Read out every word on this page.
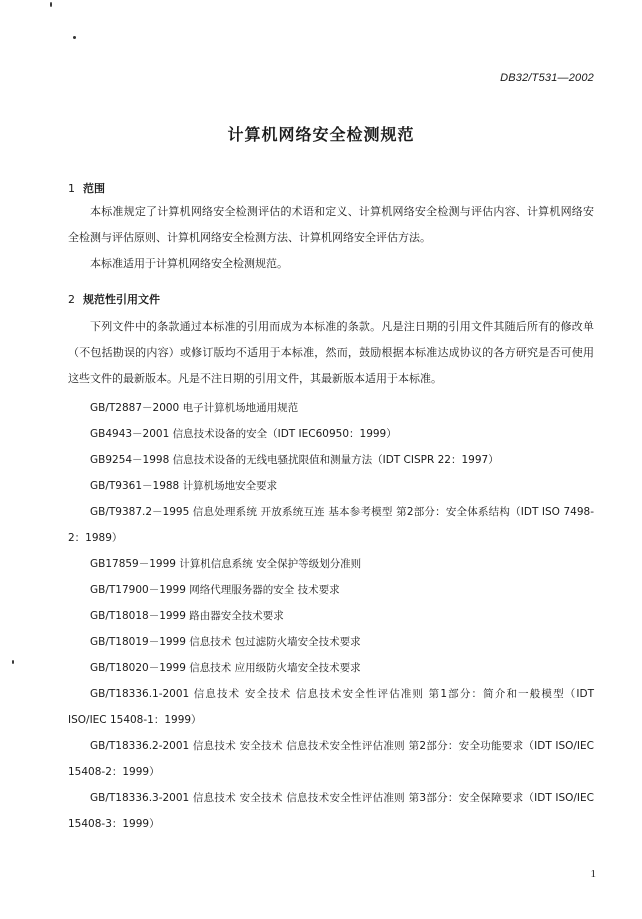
DB32/T531—2002
计算机网络安全检测规范
1 范围
本标准规定了计算机网络安全检测评估的术语和定义、计算机网络安全检测与评估内容、计算机网络安全检测与评估原则、计算机网络安全检测方法、计算机网络安全评估方法。
本标准适用于计算机网络安全检测规范。
2 规范性引用文件
下列文件中的条款通过本标准的引用而成为本标准的条款。凡是注日期的引用文件其随后所有的修改单（不包括勘误的内容）或修订版均不适用于本标准，然而，鼓励根据本标准达成协议的各方研究是否可使用这些文件的最新版本。凡是不注日期的引用文件，其最新版本适用于本标准。
GB/T2887－2000 电子计算机场地通用规范
GB4943－2001 信息技术设备的安全（IDT IEC60950：1999）
GB9254－1998 信息技术设备的无线电骚扰限值和测量方法（IDT CISPR 22：1997）
GB/T9361－1988 计算机场地安全要求
GB/T9387.2－1995 信息处理系统 开放系统互连 基本参考模型 第2部分：安全体系结构（IDT ISO 7498-2：1989）
GB17859－1999 计算机信息系统 安全保护等级划分准则
GB/T17900－1999 网络代理服务器的安全 技术要求
GB/T18018－1999 路由器安全技术要求
GB/T18019－1999 信息技术 包过滤防火墙安全技术要求
GB/T18020－1999 信息技术 应用级防火墙安全技术要求
GB/T18336.1-2001 信息技术 安全技术 信息技术安全性评估准则 第1部分：简介和一般模型（IDT ISO/IEC 15408-1：1999）
GB/T18336.2-2001 信息技术 安全技术 信息技术安全性评估准则 第2部分：安全功能要求（IDT ISO/IEC 15408-2：1999）
GB/T18336.3-2001 信息技术 安全技术 信息技术安全性评估准则 第3部分：安全保障要求（IDT ISO/IEC 15408-3：1999）
1
